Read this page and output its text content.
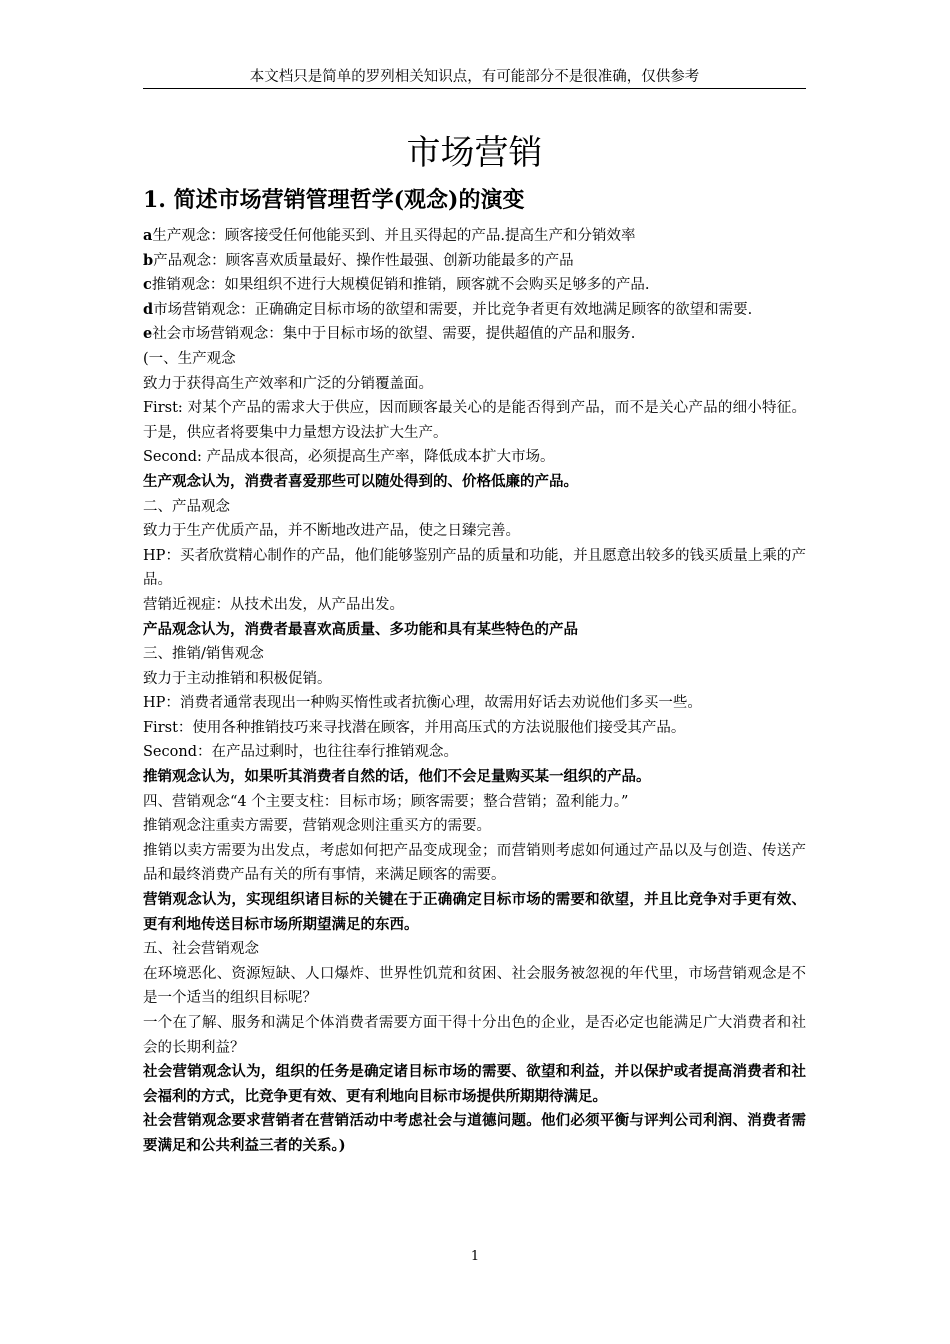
本文档只是简单的罗列相关知识点，有可能部分不是很准确，仅供参考
市场营销
1. 简述市场营销管理哲学(观念)的演变

a生产观念：顾客接受任何他能买到、并且买得起的产品.提高生产和分销效率

b产品观念：顾客喜欢质量最好、操作性最强、创新功能最多的产品

c推销观念：如果组织不进行大规模促销和推销，顾客就不会购买足够多的产品.

d市场营销观念：正确确定目标市场的欲望和需要，并比竞争者更有效地满足顾客的欲望和需要.

e社会市场营销观念：集中于目标市场的欲望、需要，提供超值的产品和服务.

(一、生产观念

致力于获得高生产效率和广泛的分销覆盖面。

First: 对某个产品的需求大于供应，因而顾客最关心的是能否得到产品，而不是关心产品的细小特征。于是，供应者将要集中力量想方设法扩大生产。

Second: 产品成本很高，必须提高生产率，降低成本扩大市场。

生产观念认为，消费者喜爱那些可以随处得到的、价格低廉的产品。

二、产品观念

致力于生产优质产品，并不断地改进产品，使之日臻完善。

HP：买者欣赏精心制作的产品，他们能够鉴别产品的质量和功能，并且愿意出较多的钱买质量上乘的产品。

营销近视症：从技术出发，从产品出发。

产品观念认为，消费者最喜欢高质量、多功能和具有某些特色的产品

三、推销/销售观念

致力于主动推销和积极促销。

HP：消费者通常表现出一种购买惰性或者抗衡心理，故需用好话去劝说他们多买一些。

First：使用各种推销技巧来寻找潜在顾客，并用高压式的方法说服他们接受其产品。

Second：在产品过剩时，也往往奉行推销观念。

推销观念认为，如果听其消费者自然的话，他们不会足量购买某一组织的产品。

四、营销观念“4 个主要支柱：目标市场；顾客需要；整合营销；盈利能力。”

推销观念注重卖方需要，营销观念则注重买方的需要。

推销以卖方需要为出发点，考虑如何把产品变成现金；而营销则考虑如何通过产品以及与创造、传送产品和最终消费产品有关的所有事情，来满足顾客的需要。

营销观念认为，实现组织诸目标的关键在于正确确定目标市场的需要和欲望，并且比竞争对手更有效、更有利地传送目标市场所期望满足的东西。

五、社会营销观念

在环境恶化、资源短缺、人口爆炸、世界性饥荒和贫困、社会服务被忽视的年代里，市场营销观念是不是一个适当的组织目标呢？

一个在了解、服务和满足个体消费者需要方面干得十分出色的企业，是否必定也能满足广大消费者和社会的长期利益？

社会营销观念认为，组织的任务是确定诸目标市场的需要、欲望和利益，并以保护或者提高消费者和社会福利的方式，比竞争更有效、更有利地向目标市场提供所期期待满足。

社会营销观念要求营销者在营销活动中考虑社会与道德问题。他们必须平衡与评判公司利润、消费者需要满足和公共利益三者的关系。)

1
